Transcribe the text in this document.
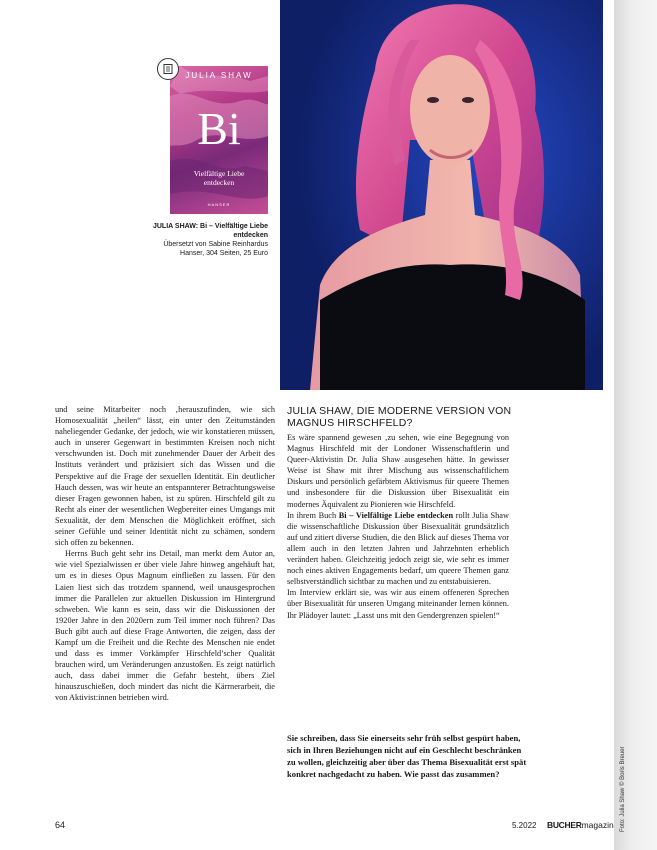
Foto: Julia Shaw © Boris Breuer
JULIA SHAW
Bi
Vielfältige Liebe entdecken
HANSER
JULIA SHAW: Bi – Vielfältige Liebe entdecken
Übersetzt von Sabine Reinhardus
Hanser, 304 Seiten, 25 Euro

und seine Mitarbeiter noch ‚herauszufinden, wie sich Homosexualität „heilen“ lässt, ein unter den Zeitumständen naheliegender Gedanke, der jedoch, wie wir konstatieren müssen, auch in unserer Gegenwart in bestimmten Kreisen noch nicht verschwunden ist. Doch mit zunehmender Dauer der Arbeit des Instituts verändert und präzisiert sich das Wissen und die Perspektive auf die Frage der sexuellen Identität. Ein deutlicher Hauch dessen, was wir heute an entspannterer Betrachtungsweise dieser Fragen gewonnen haben, ist zu spüren. Hirschfeld gilt zu Recht als einer der wesentlichen Wegbereiter eines Umgangs mit Sexualität, der dem Menschen die Möglichkeit eröffnet, sich seiner Gefühle und seiner Identität nicht zu schämen, sondern sich offen zu bekennen.

Herrns Buch geht sehr ins Detail, man merkt dem Autor an, wie viel Spezialwissen er über viele Jahre hinweg angehäuft hat, um es in dieses Opus Magnum einfließen zu lassen. Für den Laien liest sich das trotzdem spannend, weil unausgesprochen immer die Parallelen zur aktuellen Diskussion im Hintergrund schweben. Wie kann es sein, dass wir die Diskussionen der 1920er Jahre in den 2020ern zum Teil immer noch führen? Das Buch gibt auch auf diese Frage Antworten, die zeigen, dass der Kampf um die Freiheit und die Rechte des Menschen nie endet und dass es immer Vorkämpfer Hirschfeld’scher Qualität brauchen wird, um Veränderungen anzustoßen. Es zeigt natürlich auch, dass dabei immer die Gefahr besteht, übers Ziel hinauszuschießen, doch mindert das nicht die Kärrnerarbeit, die von Aktivist:innen betrieben wird.

JULIA SHAW, DIE MODERNE VERSION VON MAGNUS HIRSCHFELD?

Es wäre spannend gewesen ‚zu sehen, wie eine Begegnung von Magnus Hirschfeld mit der Londoner Wissenschaftlerin und Queer-Aktivistin Dr. Julia Shaw ausgesehen hätte. In gewisser Weise ist Shaw mit ihrer Mischung aus wissenschaftlichem Diskurs und persönlich gefärbtem Aktivismus für queere Themen und insbesondere für die Diskussion über Bisexualität ein modernes Äquivalent zu Pionieren wie Hirschfeld.

In ihrem Buch Bi – Vielfältige Liebe entdecken rollt Julia Shaw die wissenschaftliche Diskussion über Bisexualität grundsätzlich auf und zitiert diverse Studien, die den Blick auf dieses Thema vor allem auch in den letzten Jahren und Jahrzehnten erheblich verändert haben. Gleichzeitig jedoch zeigt sie, wie sehr es immer noch eines aktiven Engagements bedarf, um queere Themen ganz selbstverständlich sichtbar zu machen und zu entstabuisieren.

Im Interview erklärt sie, was wir aus einem offeneren Sprechen über Bisexualität für unseren Umgang miteinander lernen können. Ihr Plädoyer lautet: „Lasst uns mit den Gendergrenzen spielen!“

Sie schreiben, dass Sie einerseits sehr früh selbst gespürt haben, sich in Ihren Beziehungen nicht auf ein Geschlecht beschränken zu wollen, gleichzeitig aber über das Thema Bisexualität erst spät konkret nachgedacht zu haben. Wie passt das zusammen?
64	5.2022 BUCHERmagazin
